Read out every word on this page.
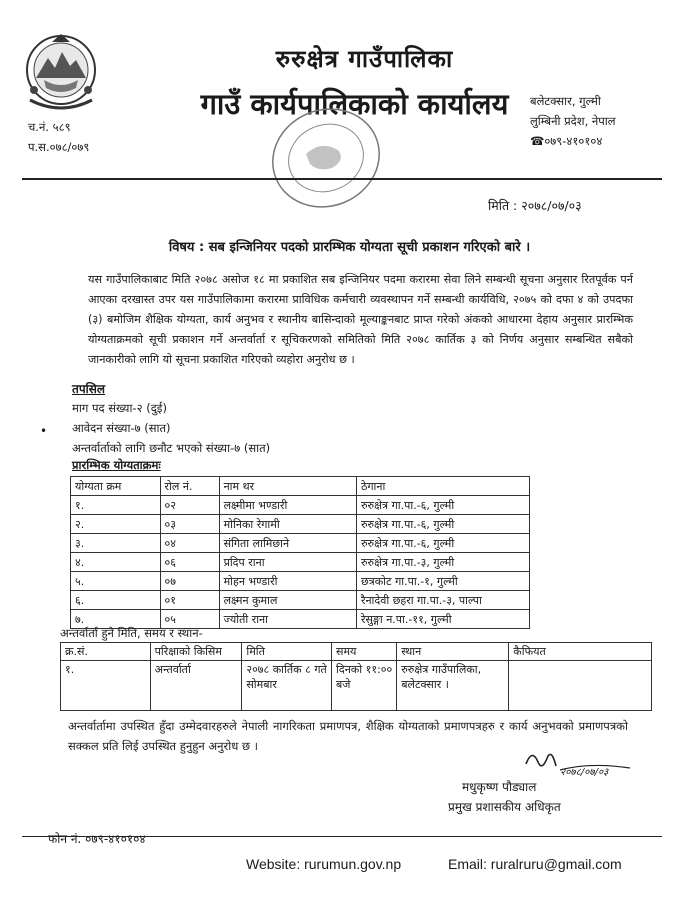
रुरुक्षेत्र गाउँपालिका
गाउँ कार्यपालिकाको कार्यालय	बलेटक्सार, गुल्मी
लुम्बिनी प्रदेश, नेपाल
☎०७९-४१०१०४
च.नं. ५८९
प.स.०७८/०७९
मिति : २०७८/०७/०३
विषय : सब इन्जिनियर पदको प्रारम्भिक योग्यता सूची प्रकाशन गरिएको बारे ।
यस गाउँपालिकाबाट मिति २०७८ असोज १८ मा प्रकाशित सब इन्जिनियर पदमा करारमा सेवा लिने सम्बन्धी सूचना अनुसार रितपूर्वक पर्न आएका दरखास्त उपर यस गाउँपालिकामा करारमा प्राविधिक कर्मचारी व्यवस्थापन गर्ने सम्बन्धी कार्यविधि, २०७५ को दफा ४ को उपदफा (३) बमोजिम शैक्षिक योग्यता, कार्य अनुभव र स्थानीय बासिन्दाको मूल्याङ्कनबाट प्राप्त गरेको अंकको आधारमा देहाय अनुसार प्रारम्भिक योग्यताक्रमको सूची प्रकाशन गर्ने अन्तर्वार्ता र सूचिकरणको समितिको मिति २०७८ कार्तिक ३ को निर्णय अनुसार सम्बन्धित सबैको जानकारीको लागि यो सूचना प्रकाशित गरिएको व्यहोरा अनुरोध छ ।
तपसिल
माग पद संख्या-२ (दुई)
• आवेदन संख्या-७ (सात)
अन्तर्वार्ताको लागि छनौट भएको संख्या-७ (सात)
प्रारम्भिक योग्यताक्रमः
योग्यता क्रम	रोल नं.	नाम थर	ठेगाना
१.	०२	लक्ष्मीमा भण्डारी	रुरुक्षेत्र गा.पा.-६, गुल्मी
२.	०३	मोनिका रेगामी	रुरुक्षेत्र गा.पा.-६, गुल्मी
३.	०४	संगिता लामिछाने	रुरुक्षेत्र गा.पा.-६, गुल्मी
४.	०६	प्रदिप राना	रुरुक्षेत्र गा.पा.-३, गुल्मी
५.	०७	मोहन भण्डारी	छत्रकोट गा.पा.-१, गुल्मी
६.	०१	लक्ष्मन कुमाल	रैनादेवी छहरा गा.पा.-३, पाल्पा
७.	०५	ज्योती राना	रेसुङ्गा न.पा.-११, गुल्मी
अन्तर्वार्ता हुने मिति, समय र स्थान-
क्र.सं.	परिक्षाको किसिम	मिति	समय	स्थान	कैफियत
१.	अन्तर्वार्ता	२०७८ कार्तिक ८ गते सोमबार	दिनको ११:०० बजे	रुरुक्षेत्र गाउँपालिका, बलेटक्सार ।	
अन्तर्वार्तामा उपस्थित हुँदा उम्मेदवारहरुले नेपाली नागरिकता प्रमाणपत्र, शैक्षिक योग्यताको प्रमाणपत्रहरु र कार्य अनुभवको प्रमाणपत्रको सक्कल प्रति लिई उपस्थित हुनुहुन अनुरोध छ ।
२०७८/०७/०३
मधुकृष्ण पौड्याल
प्रमुख प्रशासकीय अधिकृत
फोन नं. ०७९-४१०१०४
Website: rurumun.gov.np	Email: ruralruru@gmail.com
